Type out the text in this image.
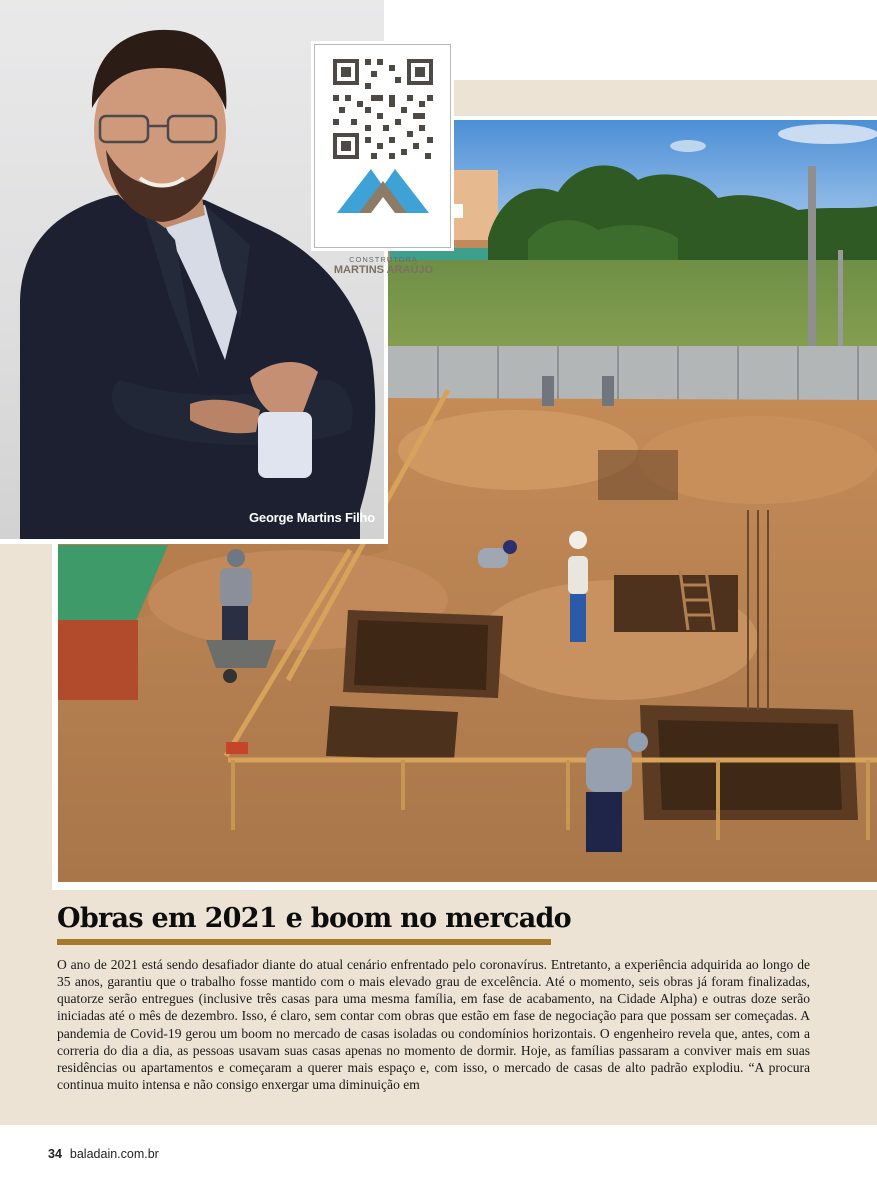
George Martins Filho
CONSTRUTORA
MARTINS ARAÚJO
Obras em 2021 e boom no mercado

O ano de 2021 está sendo desafiador diante do atual cenário enfrentado pelo coronavírus. Entretanto, a experiência adquirida ao longo de 35 anos, garantiu que o trabalho fosse mantido com o mais elevado grau de excelência. Até o momento, seis obras já foram finalizadas, quatorze serão entregues (inclusive três casas para uma mesma família, em fase de acabamento, na Cidade Alpha) e outras doze serão iniciadas até o mês de dezembro. Isso, é claro, sem contar com obras que estão em fase de negociação para que possam ser começadas. A pandemia de Covid-19 gerou um boom no mercado de casas isoladas ou condomínios horizontais. O engenheiro revela que, antes, com a correria do dia a dia, as pessoas usavam suas casas apenas no momento de dormir. Hoje, as famílias passaram a conviver mais em suas residências ou apartamentos e começaram a querer mais espaço e, com isso, o mercado de casas de alto padrão explodiu. “A procura continua muito intensa e não consigo enxergar uma diminuição em

34 baladain.com.br
